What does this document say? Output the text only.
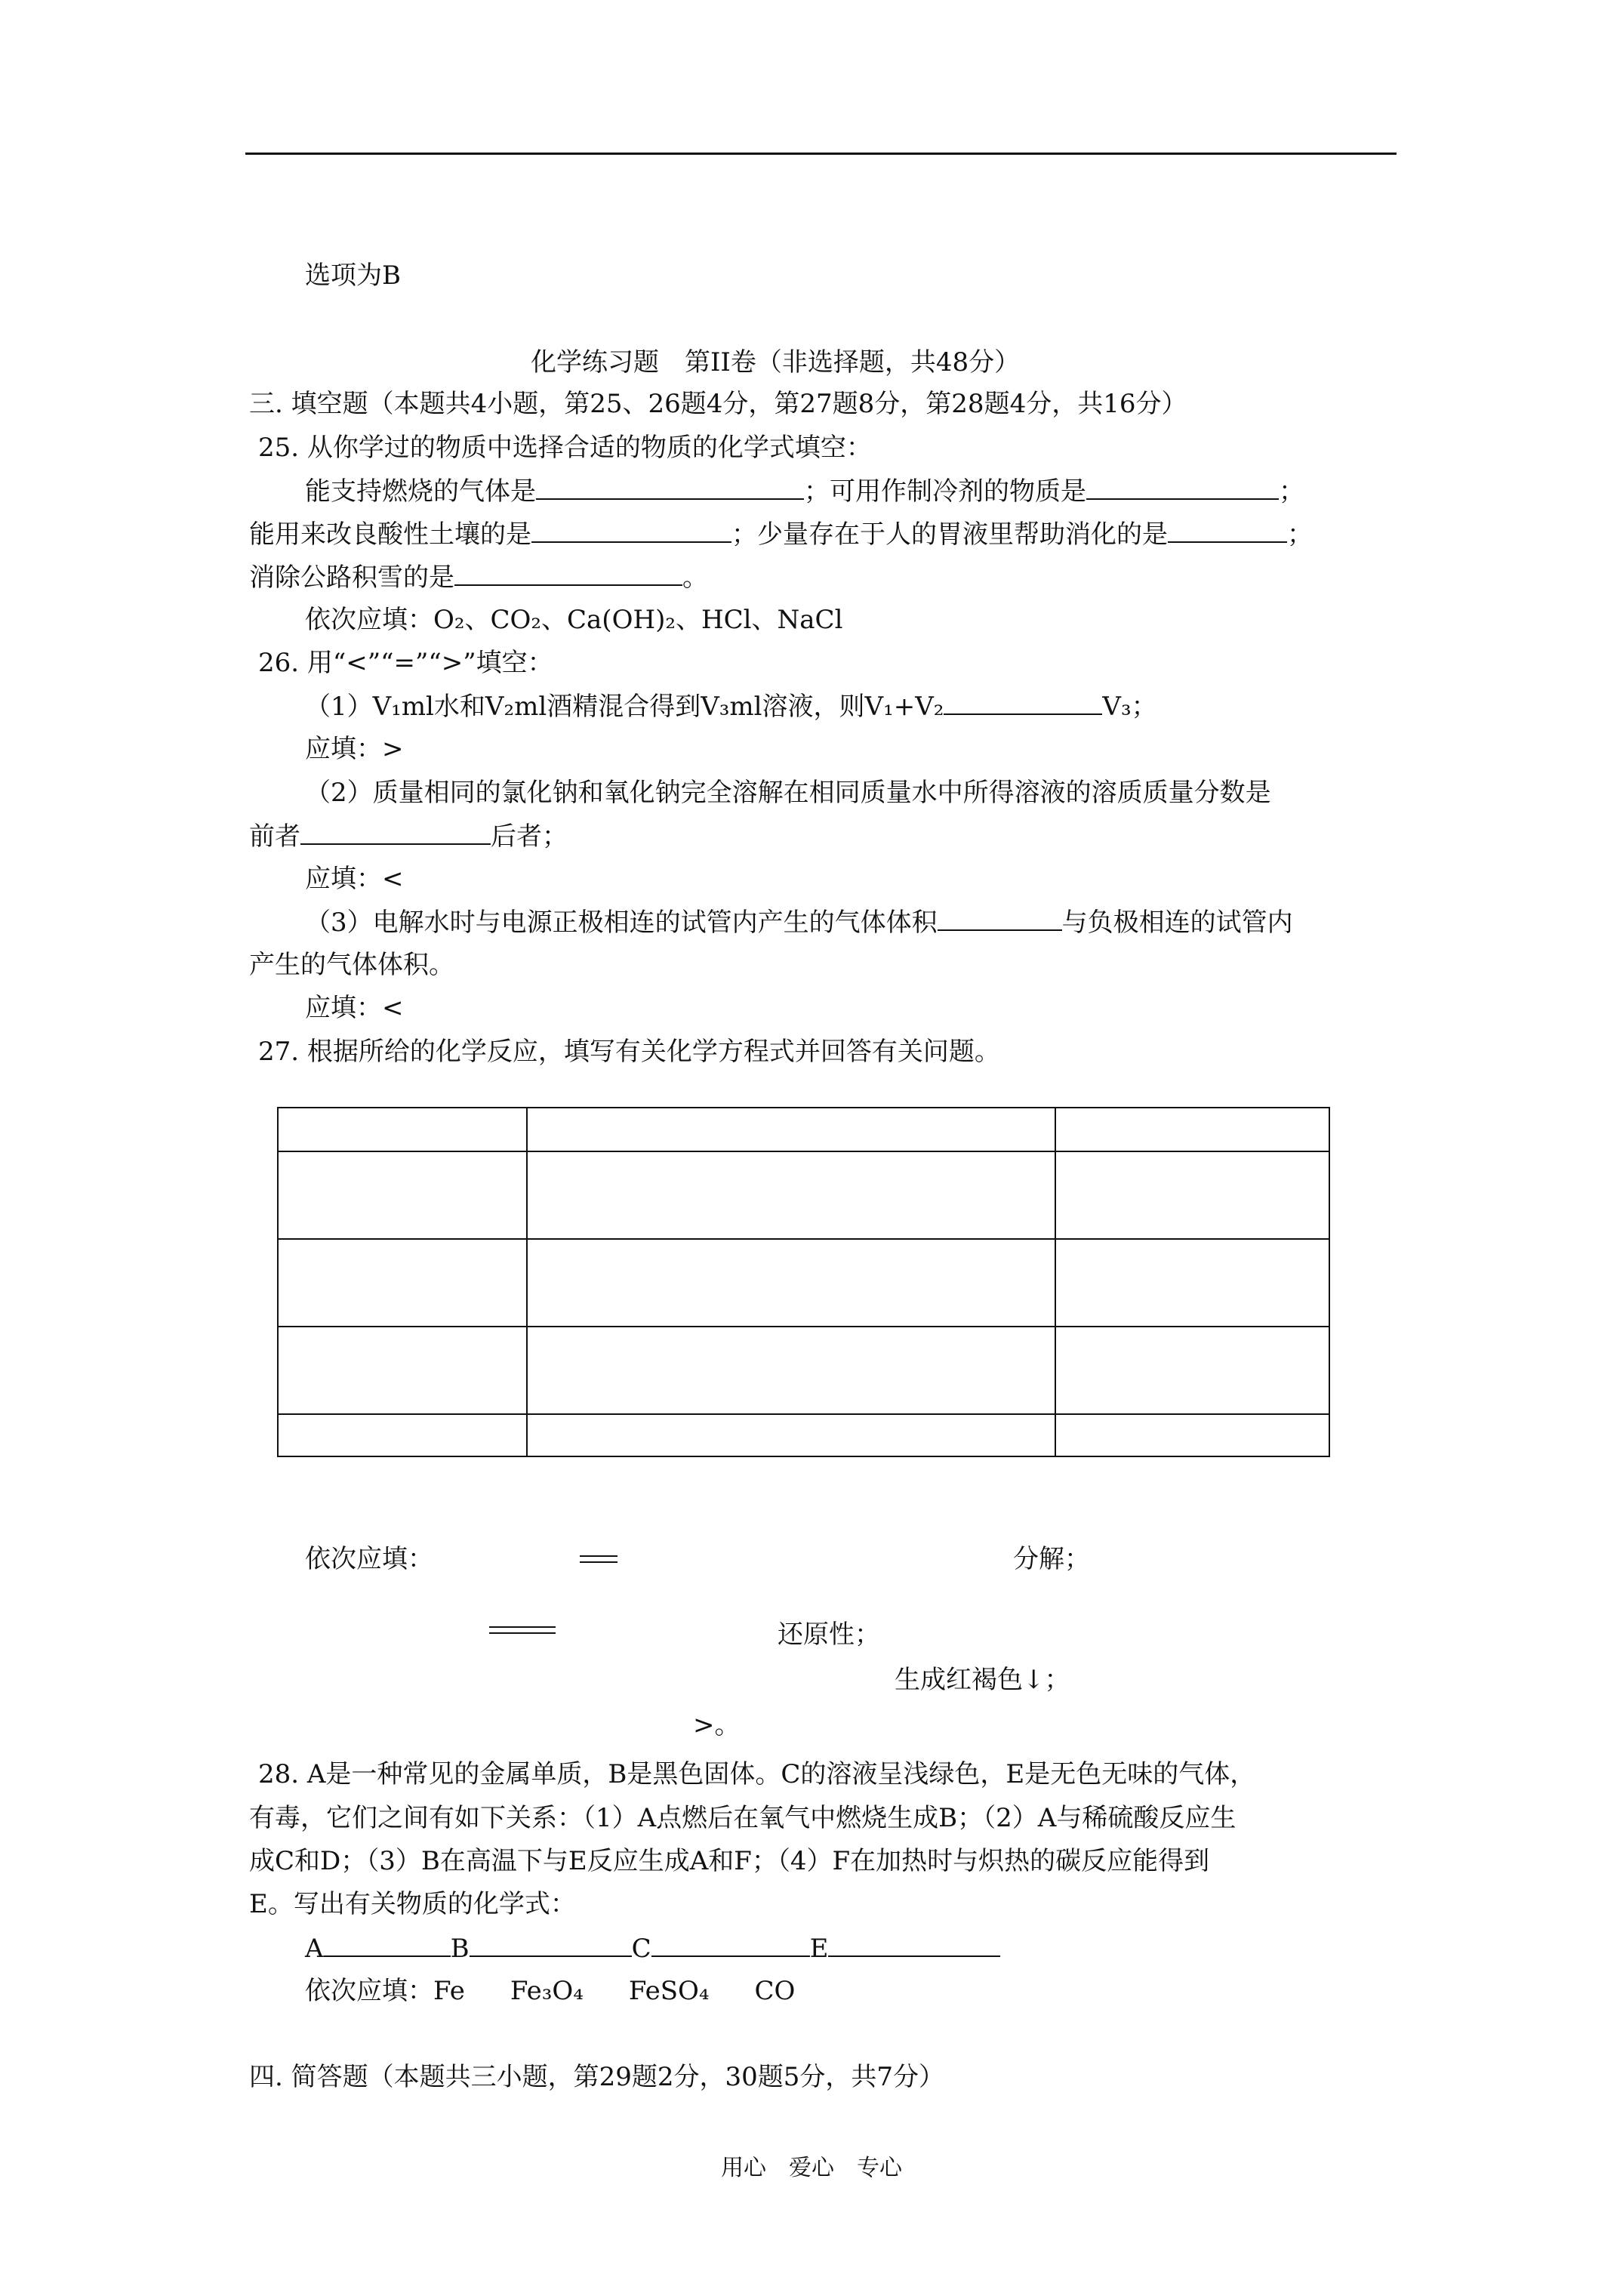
选项为B
化学练习题　第II卷（非选择题，共48分）
三. 填空题（本题共4小题，第25、26题4分，第27题8分，第28题4分，共16分）
25. 从你学过的物质中选择合适的物质的化学式填空：
能支持燃烧的气体是	；可用作制冷剂的物质是	；
能用来改良酸性土壤的是	；少量存在于人的胃液里帮助消化的是	；
消除公路积雪的是	。
依次应填：O₂、CO₂、Ca(OH)₂、HCl、NaCl
26. 用“<”“=”“>”填空：
（1）V₁ml水和V₂ml酒精混合得到V₃ml溶液，则V₁+V₂	V₃；
应填：>
（2）质量相同的氯化钠和氧化钠完全溶解在相同质量水中所得溶液的溶质质量分数是
前者	后者；
应填：<
（3）电解水时与电源正极相连的试管内产生的气体体积	与负极相连的试管内
产生的气体体积。
应填：<
27. 根据所给的化学反应，填写有关化学方程式并回答有关问题。

依次应填：	分解；
还原性；
生成红褐色↓；
>。
28. A是一种常见的金属单质，B是黑色固体。C的溶液呈浅绿色，E是无色无味的气体，
有毒，它们之间有如下关系：（1）A点燃后在氧气中燃烧生成B；（2）A与稀硫酸反应生
成C和D；（3）B在高温下与E反应生成A和F；（4）F在加热时与炽热的碳反应能得到
E。写出有关物质的化学式：
A	B	C	E
依次应填：Fe Fe₃O₄ FeSO₄ CO
四. 简答题（本题共三小题，第29题2分，30题5分，共7分）
用心　爱心　专心
